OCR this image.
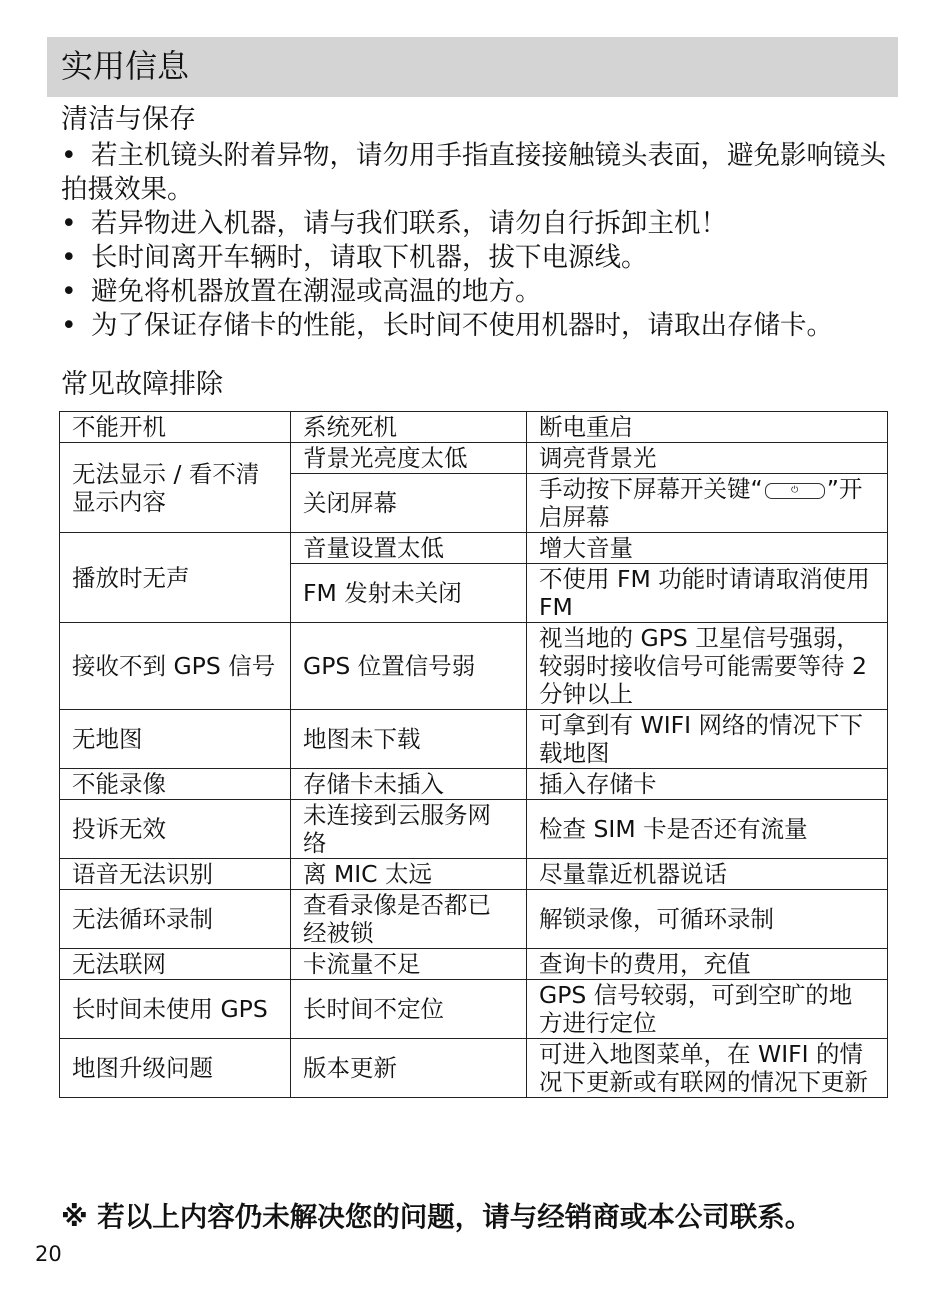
实用信息
清洁与保存
• 若主机镜头附着异物，请勿用手指直接接触镜头表面，避免影响镜头拍摄效果。
• 若异物进入机器，请与我们联系，请勿自行拆卸主机！
• 长时间离开车辆时，请取下机器，拔下电源线。
• 避免将机器放置在潮湿或高温的地方。
• 为了保证存储卡的性能，长时间不使用机器时，请取出存储卡。
常见故障排除
不能开机	系统死机	断电重启
无法显示 / 看不清显示内容	背景光亮度太低	调亮背景光
	关闭屏幕	手动按下屏幕开关键“ ⏻ ”开启屏幕
播放时无声	音量设置太低	增大音量
	FM 发射未关闭	不使用 FM 功能时请请取消使用 FM
接收不到 GPS 信号	GPS 位置信号弱	视当地的 GPS 卫星信号强弱，较弱时接收信号可能需要等待 2 分钟以上
无地图	地图未下载	可拿到有 WIFI 网络的情况下下载地图
不能录像	存储卡未插入	插入存储卡
投诉无效	未连接到云服务网络	检查 SIM 卡是否还有流量
语音无法识别	离 MIC 太远	尽量靠近机器说话
无法循环录制	查看录像是否都已经被锁	解锁录像，可循环录制
无法联网	卡流量不足	查询卡的费用，充值
长时间未使用 GPS	长时间不定位	GPS 信号较弱，可到空旷的地方进行定位
地图升级问题	版本更新	可进入地图菜单，在 WIFI 的情况下更新或有联网的情况下更新
※ 若以上内容仍未解决您的问题，请与经销商或本公司联系。
20
